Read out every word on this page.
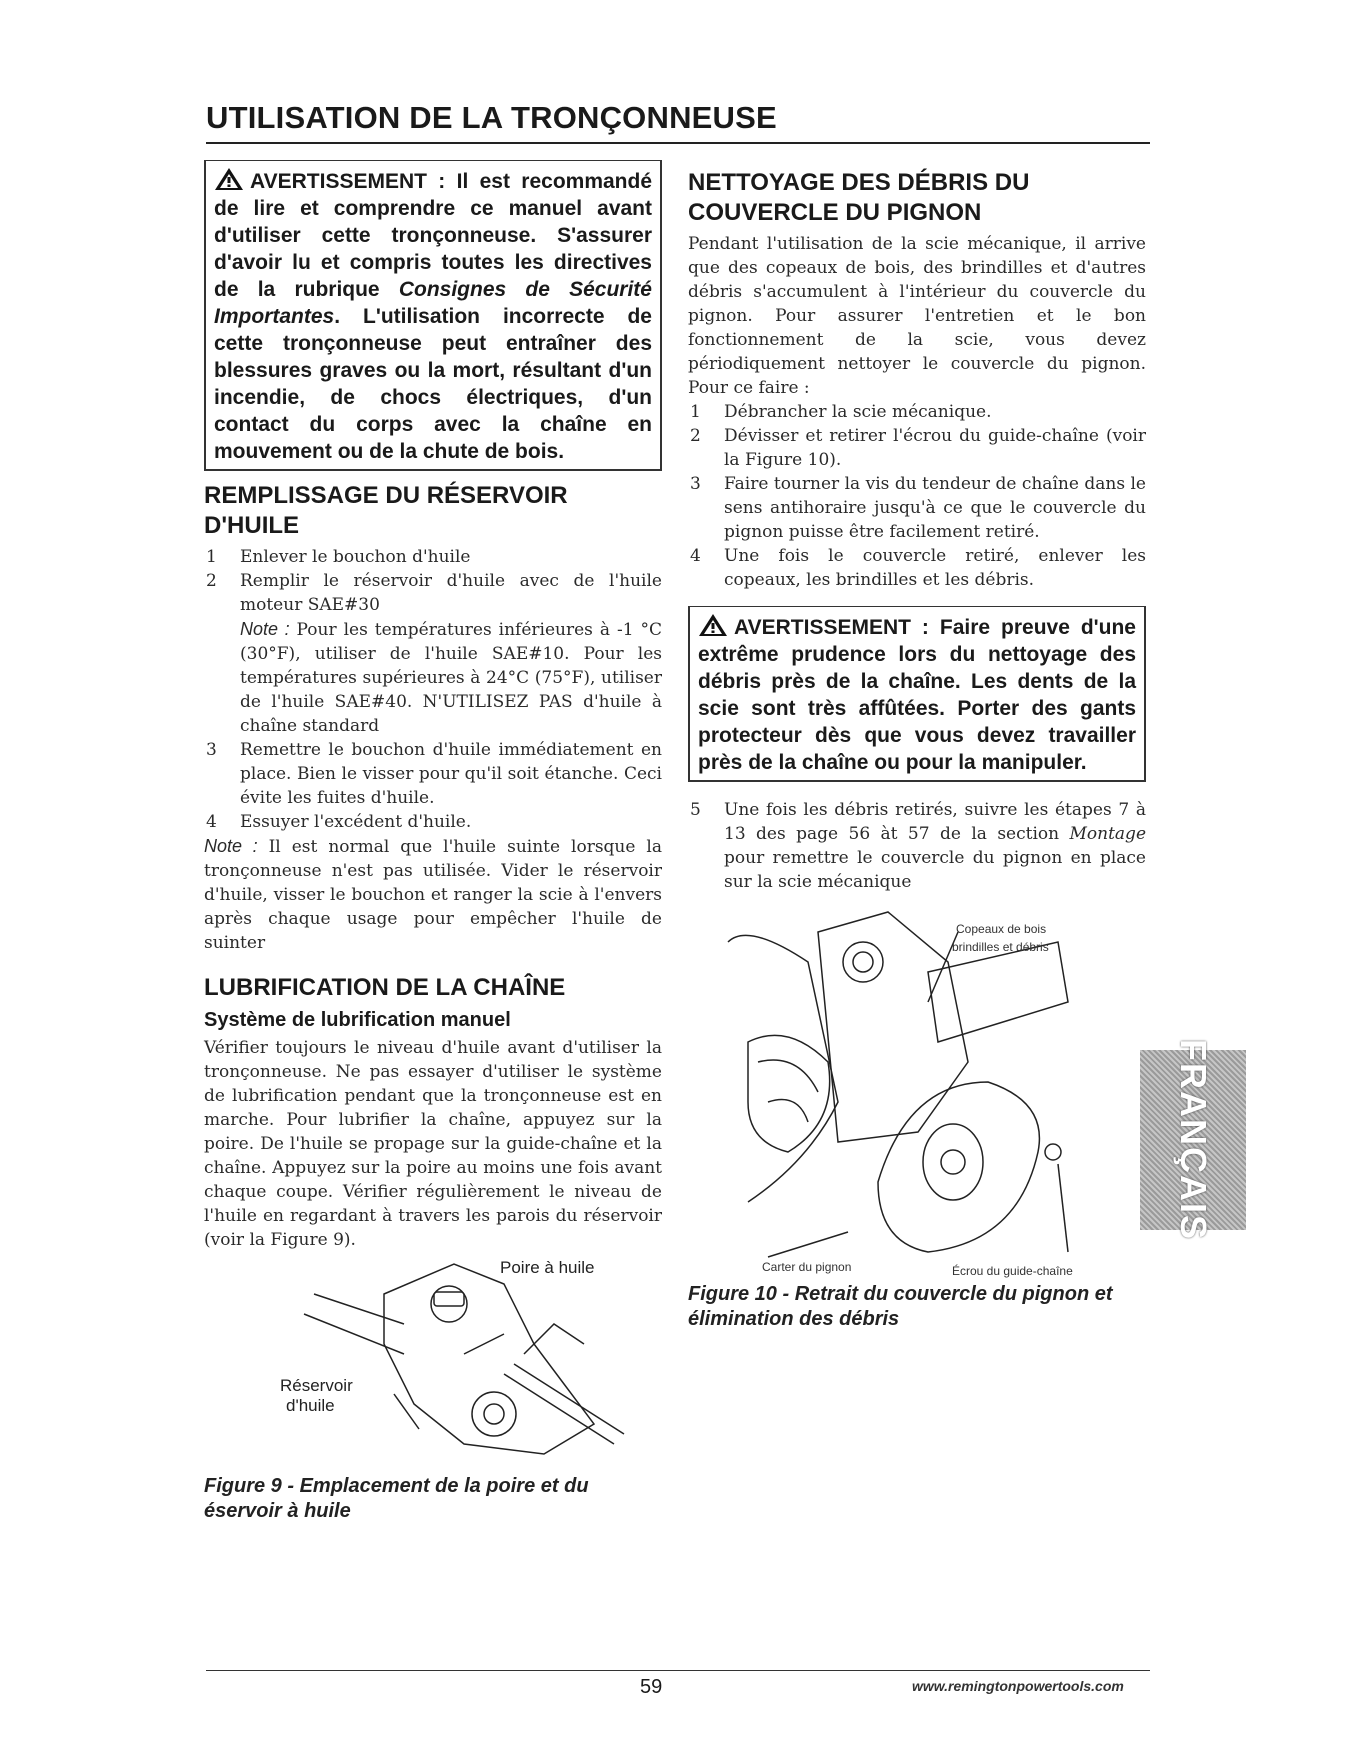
UTILISATION DE LA TRONÇONNEUSE
AVERTISSEMENT : Il est recommandé de lire et comprendre ce manuel avant d'utiliser cette tronçonneuse. S'assurer d'avoir lu et compris toutes les directives de la rubrique Consignes de Sécurité Importantes. L'utilisation incorrecte de cette tronçonneuse peut entraîner des blessures graves ou la mort, résultant d'un incendie, de chocs électriques, d'un contact du corps avec la chaîne en mouvement ou de la chute de bois.
REMPLISSAGE DU RÉSERVOIR D'HUILE
1 Enlever le bouchon d'huile
2 Remplir le réservoir d'huile avec de l'huile moteur SAE#30
Note : Pour les températures inférieures à -1 °C (30°F), utiliser de l'huile SAE#10. Pour les températures supérieures à 24°C (75°F), utiliser de l'huile SAE#40. N'UTILISEZ PAS d'huile à chaîne standard
3 Remettre le bouchon d'huile immédiatement en place. Bien le visser pour qu'il soit étanche. Ceci évite les fuites d'huile.
4 Essuyer l'excédent d'huile.
Note : Il est normal que l'huile suinte lorsque la tronçonneuse n'est pas utilisée. Vider le réservoir d'huile, visser le bouchon et ranger la scie à l'envers après chaque usage pour empêcher l'huile de suinter
LUBRIFICATION DE LA CHAÎNE
Système de lubrification manuel
Vérifier toujours le niveau d'huile avant d'utiliser la tronçonneuse. Ne pas essayer d'utiliser le système de lubrification pendant que la tronçonneuse est en marche. Pour lubrifier la chaîne, appuyez sur la poire. De l'huile se propage sur la guide-chaîne et la chaîne. Appuyez sur la poire au moins une fois avant chaque coupe. Vérifier régulièrement le niveau de l'huile en regardant à travers les parois du réservoir (voir la Figure 9).
Poire à huile
Réservoir
d'huile
Figure 9 - Emplacement de la poire et du éservoir à huile
NETTOYAGE DES DÉBRIS DU COUVERCLE DU PIGNON
Pendant l'utilisation de la scie mécanique, il arrive que des copeaux de bois, des brindilles et d'autres débris s'accumulent à l'intérieur du couvercle du pignon. Pour assurer l'entretien et le bon fonctionnement de la scie, vous devez périodiquement nettoyer le couvercle du pignon. Pour ce faire :
1 Débrancher la scie mécanique.
2 Dévisser et retirer l'écrou du guide-chaîne (voir la Figure 10).
3 Faire tourner la vis du tendeur de chaîne dans le sens antihoraire jusqu'à ce que le couvercle du pignon puisse être facilement retiré.
4 Une fois le couvercle retiré, enlever les copeaux, les brindilles et les débris.
AVERTISSEMENT : Faire preuve d'une extrême prudence lors du nettoyage des débris près de la chaîne. Les dents de la scie sont très affûtées. Porter des gants protecteur dès que vous devez travailler près de la chaîne ou pour la manipuler.
5 Une fois les débris retirés, suivre les étapes 7 à 13 des page 56 àt 57 de la section Montage pour remettre le couvercle du pignon en place sur la scie mécanique
Copeaux de bois
brindilles et débris
Carter du pignon	Écrou du guide-chaîne
Figure 10 - Retrait du couvercle du pignon et élimination des débris
FRANÇAIS
59	www.remingtonpowertools.com
